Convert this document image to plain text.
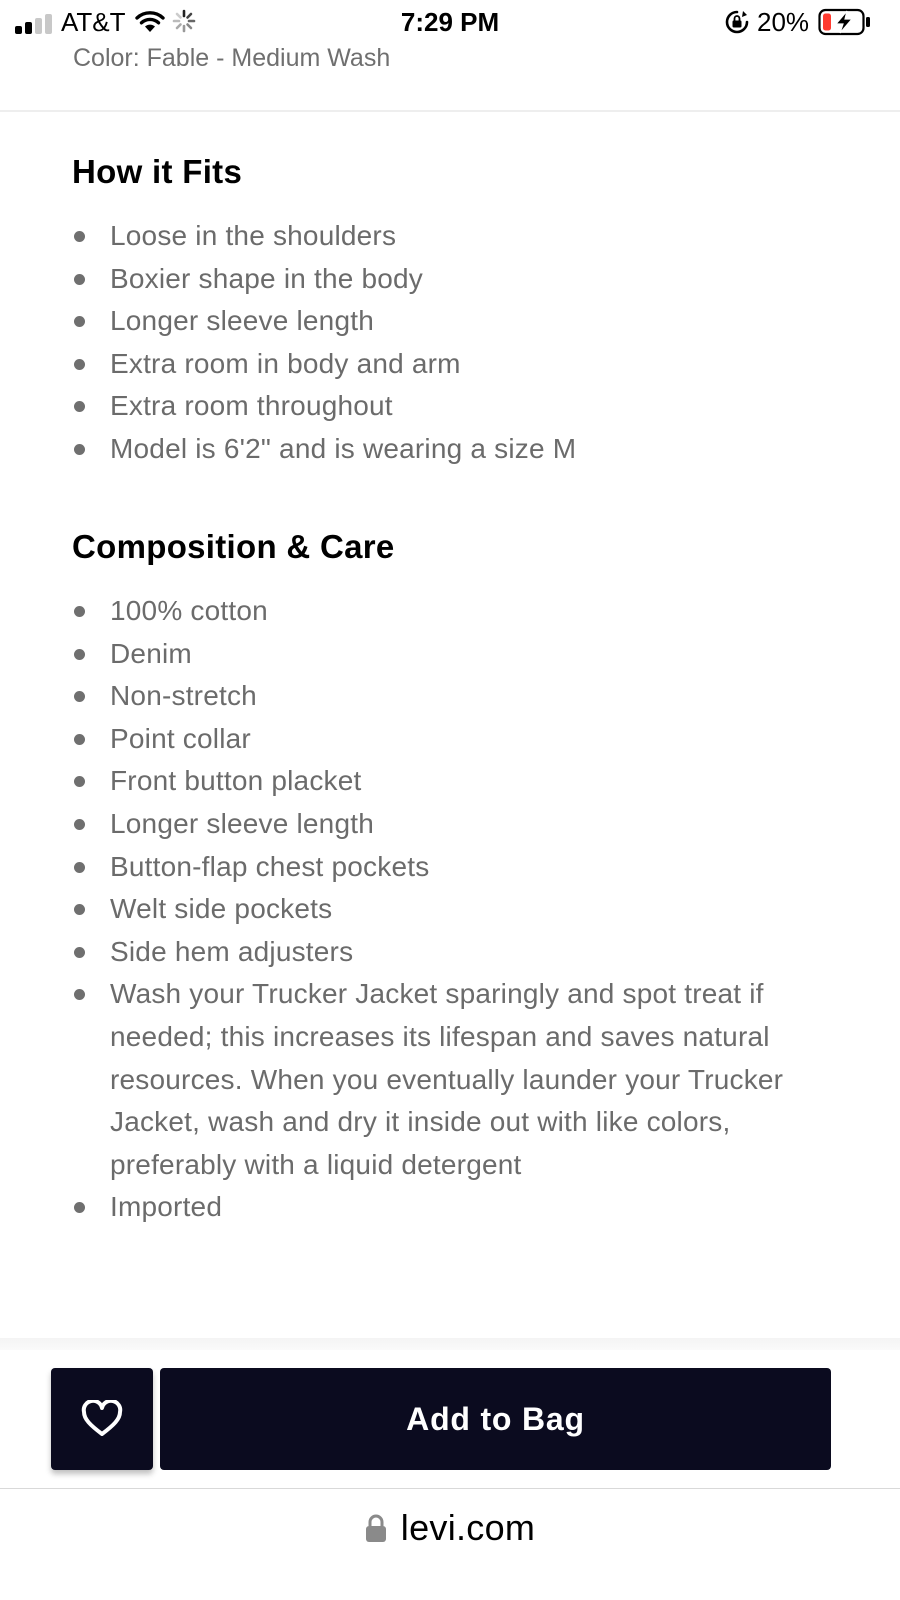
AT&T	7:29 PM	20%
Color: Fable - Medium Wash
How it Fits
Loose in the shoulders
Boxier shape in the body
Longer sleeve length
Extra room in body and arm
Extra room throughout
Model is 6'2" and is wearing a size M
Composition & Care
100% cotton
Denim
Non-stretch
Point collar
Front button placket
Longer sleeve length
Button-flap chest pockets
Welt side pockets
Side hem adjusters
Wash your Trucker Jacket sparingly and spot treat if needed; this increases its lifespan and saves natural resources. When you eventually launder your Trucker Jacket, wash and dry it inside out with like colors, preferably with a liquid detergent
Imported
Add to Bag
levi.com
